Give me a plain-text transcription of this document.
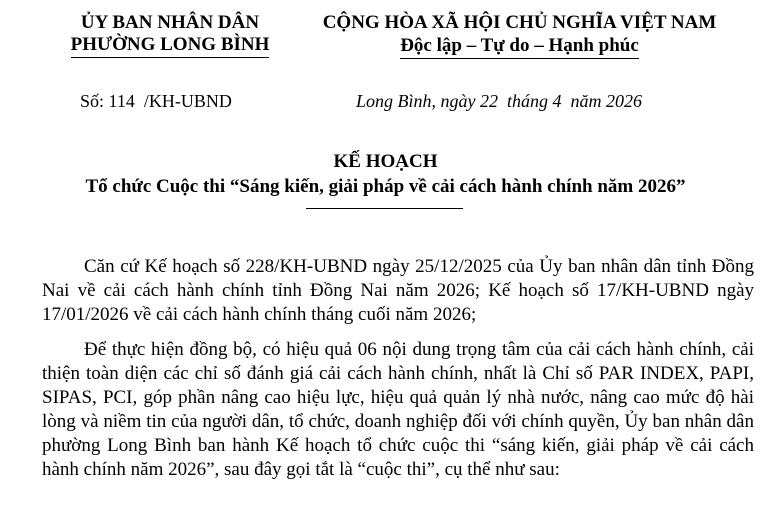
ỦY BAN NHÂN DÂN
PHƯỜNG LONG BÌNH
CỘNG HÒA XÃ HỘI CHỦ NGHĨA VIỆT NAM
Độc lập – Tự do – Hạnh phúc
Số: 114  /KH-UBND	Long Bình, ngày 22  tháng 4  năm 2026
KẾ HOẠCH
Tổ chức Cuộc thi “Sáng kiến, giải pháp về cải cách hành chính năm 2026”

Căn cứ Kế hoạch số 228/KH-UBND ngày 25/12/2025 của Ủy ban nhân dân tỉnh Đồng Nai về cải cách hành chính tỉnh Đồng Nai năm 2026; Kế hoạch số 17/KH-UBND ngày 17/01/2026 về cải cách hành chính tháng cuối năm 2026;

Để thực hiện đồng bộ, có hiệu quả 06 nội dung trọng tâm của cải cách hành chính, cải thiện toàn diện các chỉ số đánh giá cải cách hành chính, nhất là Chỉ số PAR INDEX, PAPI, SIPAS, PCI, góp phần nâng cao hiệu lực, hiệu quả quản lý nhà nước, nâng cao mức độ hài lòng và niềm tin của người dân, tổ chức, doanh nghiệp đối với chính quyền, Ủy ban nhân dân phường Long Bình ban hành Kế hoạch tổ chức cuộc thi “sáng kiến, giải pháp về cải cách hành chính năm 2026”, sau đây gọi tắt là “cuộc thi”, cụ thể như sau:
